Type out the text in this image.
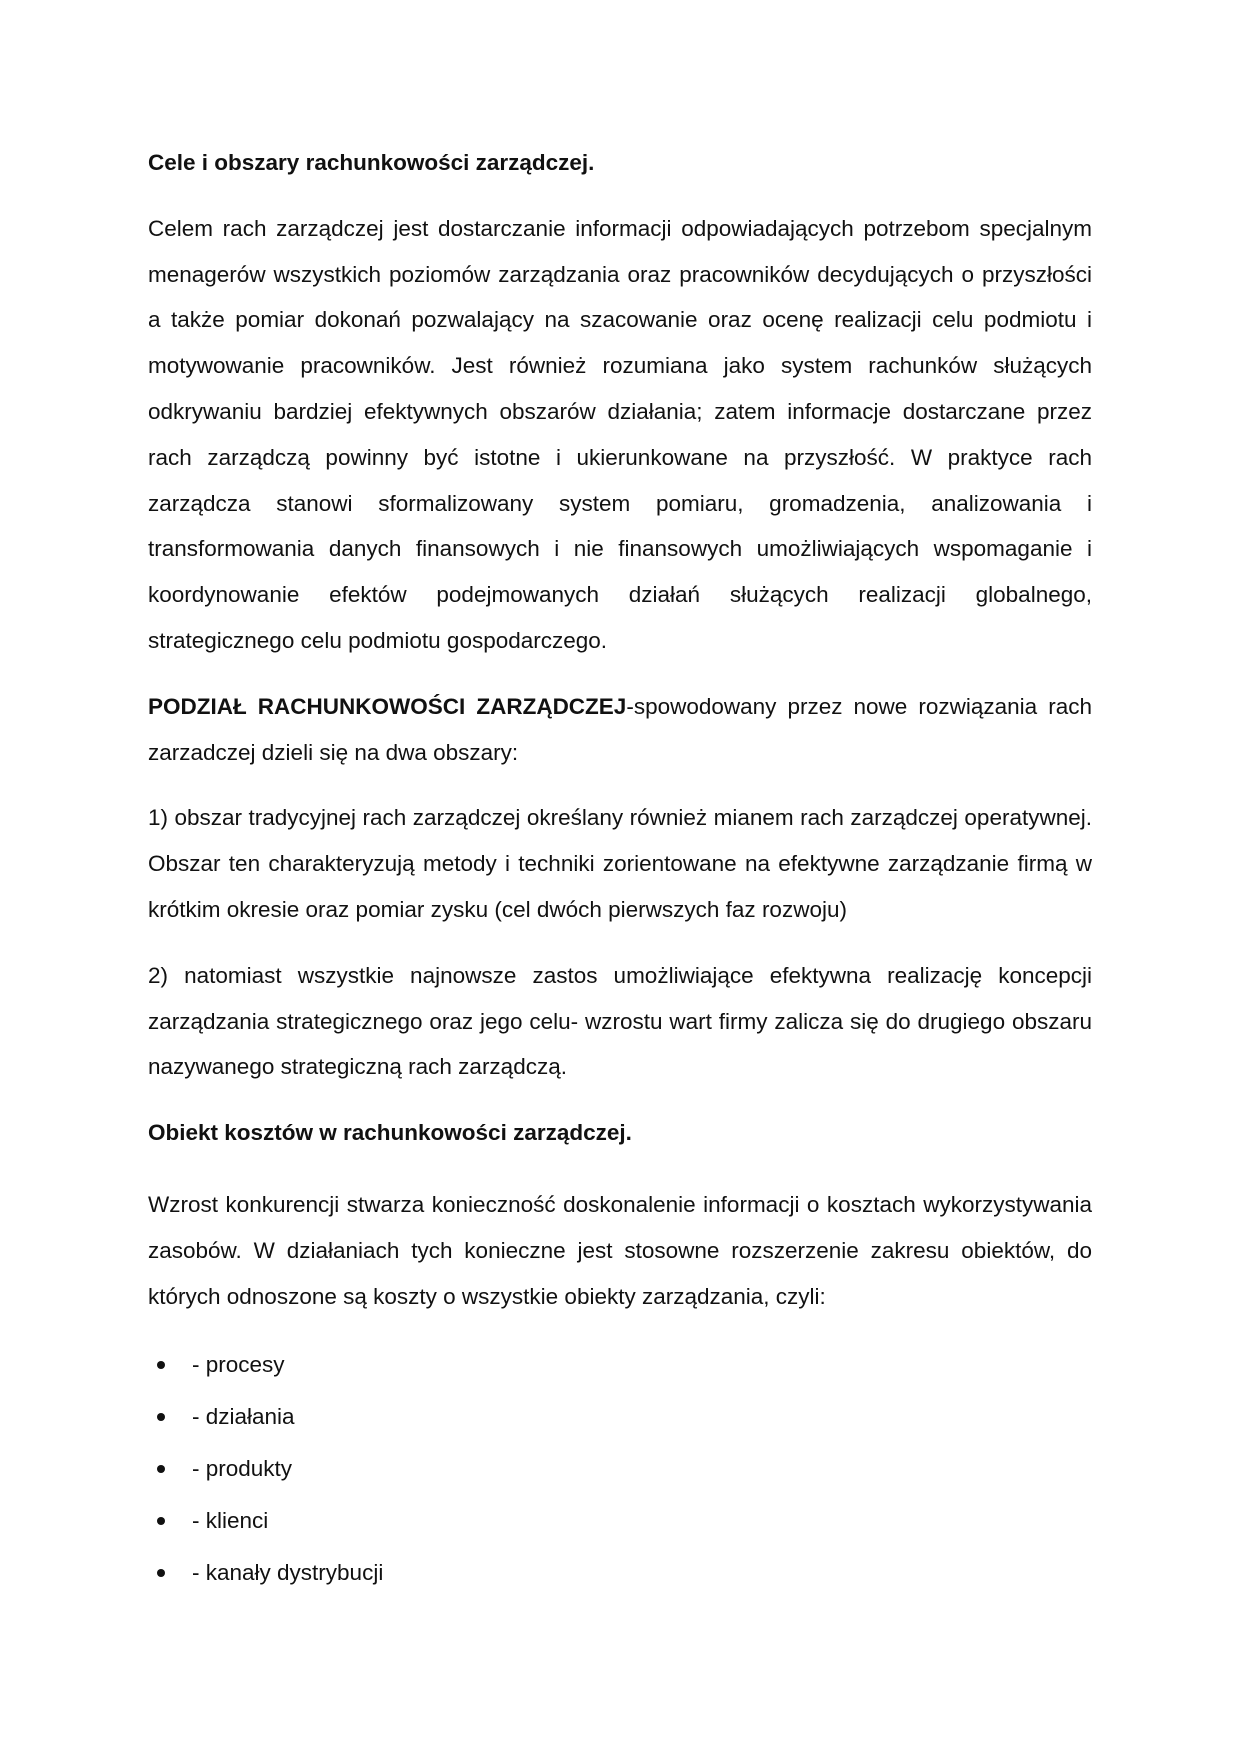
Cele i obszary rachunkowości zarządczej.

Celem rach zarządczej jest dostarczanie informacji odpowiadających potrzebom specjalnym menagerów wszystkich poziomów zarządzania oraz pracowników decydujących o przyszłości a także pomiar dokonań pozwalający na szacowanie oraz ocenę realizacji celu podmiotu i motywowanie pracowników. Jest również rozumiana jako system rachunków służących odkrywaniu bardziej efektywnych obszarów działania; zatem informacje dostarczane przez rach zarządczą powinny być istotne i ukierunkowane na przyszłość. W praktyce rach zarządcza stanowi sformalizowany system pomiaru, gromadzenia, analizowania i transformowania danych finansowych i nie finansowych umożliwiających wspomaganie i koordynowanie efektów podejmowanych działań służących realizacji globalnego, strategicznego celu podmiotu gospodarczego.

PODZIAŁ RACHUNKOWOŚCI ZARZĄDCZEJ-spowodowany przez nowe rozwiązania rach zarzadczej dzieli się na dwa obszary:

1) obszar tradycyjnej rach zarządczej określany również mianem rach zarządczej operatywnej. Obszar ten charakteryzują metody i techniki zorientowane na efektywne zarządzanie firmą w krótkim okresie oraz pomiar zysku (cel dwóch pierwszych faz rozwoju)

2) natomiast wszystkie najnowsze zastos umożliwiające efektywna realizację koncepcji zarządzania strategicznego oraz jego celu- wzrostu wart firmy zalicza się do drugiego obszaru nazywanego strategiczną rach zarządczą.

Obiekt kosztów w rachunkowości zarządczej.

Wzrost konkurencji stwarza konieczność doskonalenie informacji o kosztach wykorzystywania zasobów. W działaniach tych konieczne jest stosowne rozszerzenie zakresu obiektów, do których odnoszone są koszty o wszystkie obiekty zarządzania, czyli:

- procesy
- działania
- produkty
- klienci
- kanały dystrybucji
